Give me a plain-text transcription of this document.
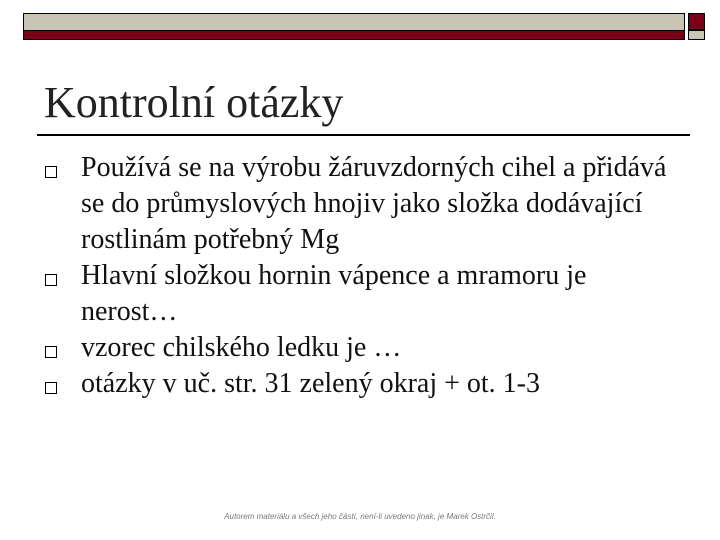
Kontrolní otázky
Používá se na výrobu žáruvzdorných cihel a přidává se do průmyslových hnojiv jako složka dodávající rostlinám potřebný Mg
Hlavní složkou hornin vápence a mramoru je nerost…
vzorec chilského ledku je …
otázky v uč. str. 31 zelený okraj + ot. 1-3
Autorem materiálu a všech jeho částí, není-li uvedeno jinak, je Marek Ostrčil.
